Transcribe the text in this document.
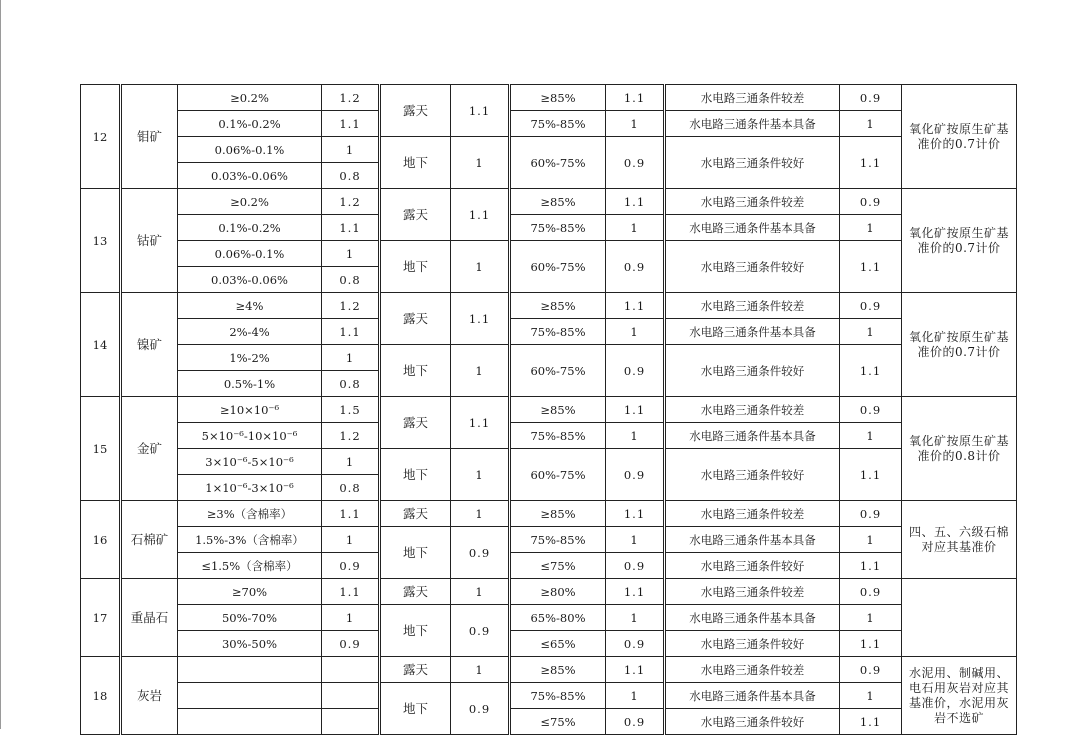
12	钼矿	≥0.2%	1.2	露天	1.1	≥85%	1.1	水电路三通条件较差	0.9	氧化矿按原生矿基准价的0.7计价
		0.1%-0.2%	1.1			75%-85%	1	水电路三通条件基本具备	1	
		0.06%-0.1%	1	地下	1	60%-75%	0.9	水电路三通条件较好	1.1	
		0.03%-0.06%	0.8							
13	钴矿	≥0.2%	1.2	露天	1.1	≥85%	1.1	水电路三通条件较差	0.9	氧化矿按原生矿基准价的0.7计价
		0.1%-0.2%	1.1			75%-85%	1	水电路三通条件基本具备	1	
		0.06%-0.1%	1	地下	1	60%-75%	0.9	水电路三通条件较好	1.1	
		0.03%-0.06%	0.8							
14	镍矿	≥4%	1.2	露天	1.1	≥85%	1.1	水电路三通条件较差	0.9	氧化矿按原生矿基准价的0.7计价
		2%-4%	1.1			75%-85%	1	水电路三通条件基本具备	1	
		1%-2%	1	地下	1	60%-75%	0.9	水电路三通条件较好	1.1	
		0.5%-1%	0.8							
15	金矿	≥10×10⁻⁶	1.5	露天	1.1	≥85%	1.1	水电路三通条件较差	0.9	氧化矿按原生矿基准价的0.8计价
		5×10⁻⁶-10×10⁻⁶	1.2			75%-85%	1	水电路三通条件基本具备	1	
		3×10⁻⁶-5×10⁻⁶	1	地下	1	60%-75%	0.9	水电路三通条件较好	1.1	
		1×10⁻⁶-3×10⁻⁶	0.8							
16	石棉矿	≥3%（含棉率）	1.1	露天	1	≥85%	1.1	水电路三通条件较差	0.9	四、五、六级石棉对应其基准价
		1.5%-3%（含棉率）	1	地下	0.9	75%-85%	1	水电路三通条件基本具备	1	
		≤1.5%（含棉率）	0.9			≤75%	0.9	水电路三通条件较好	1.1	
17	重晶石	≥70%	1.1	露天	1	≥80%	1.1	水电路三通条件较差	0.9	
		50%-70%	1	地下	0.9	65%-80%	1	水电路三通条件基本具备	1	
		30%-50%	0.9			≤65%	0.9	水电路三通条件较好	1.1	
18	灰岩			露天	1	≥85%	1.1	水电路三通条件较差	0.9	水泥用、制碱用、电石用灰岩对应其基准价，水泥用灰岩不选矿
				地下	0.9	75%-85%	1	水电路三通条件基本具备	1	
						≤75%	0.9	水电路三通条件较好	1.1	
